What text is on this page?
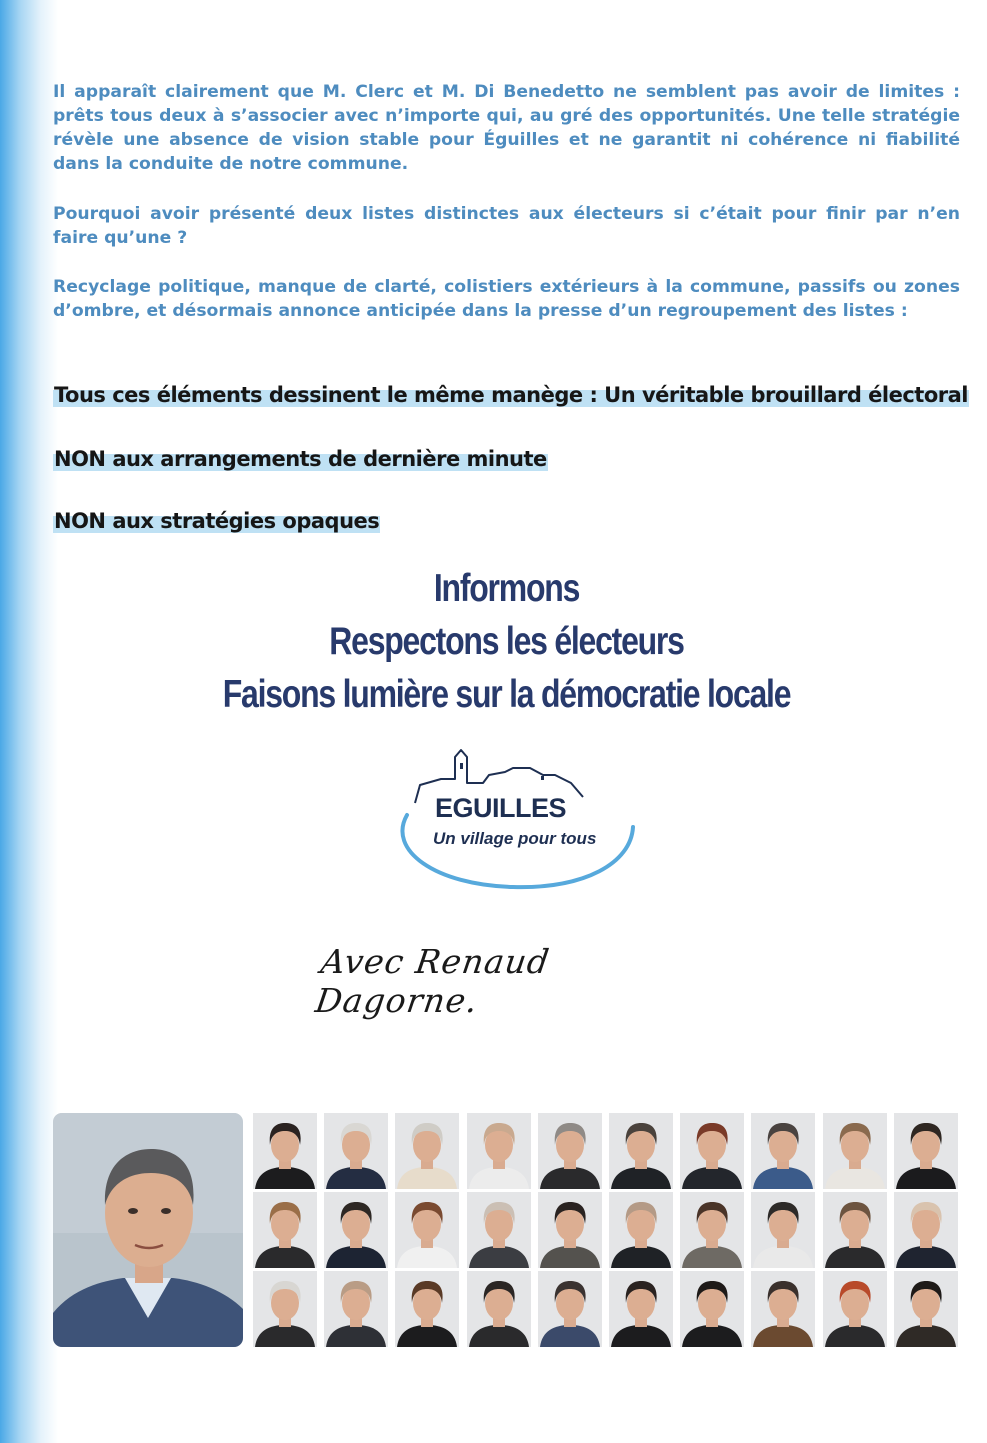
Il apparaît clairement que M. Clerc et M. Di Benedetto ne semblent pas avoir de limites : prêts tous deux à s’associer avec n’importe qui, au gré des opportunités. Une telle stratégie révèle une absence de vision stable pour Éguilles et ne garantit ni cohérence ni fiabilité dans la conduite de notre commune.

Pourquoi avoir présenté deux listes distinctes aux électeurs si c’était pour finir par n’en faire qu’une ?

Recyclage politique, manque de clarté, colistiers extérieurs à la commune, passifs ou zones d’ombre, et désormais annonce anticipée dans la presse d’un regroupement des listes :

Tous ces éléments dessinent le même manège : Un véritable brouillard électoral

NON aux arrangements de dernière minute

NON aux stratégies opaques

Informons
Respectons les électeurs
Faisons lumière sur la démocratie locale
EGUILLES
Un village pour tous
Avec Renaud Dagorne.
